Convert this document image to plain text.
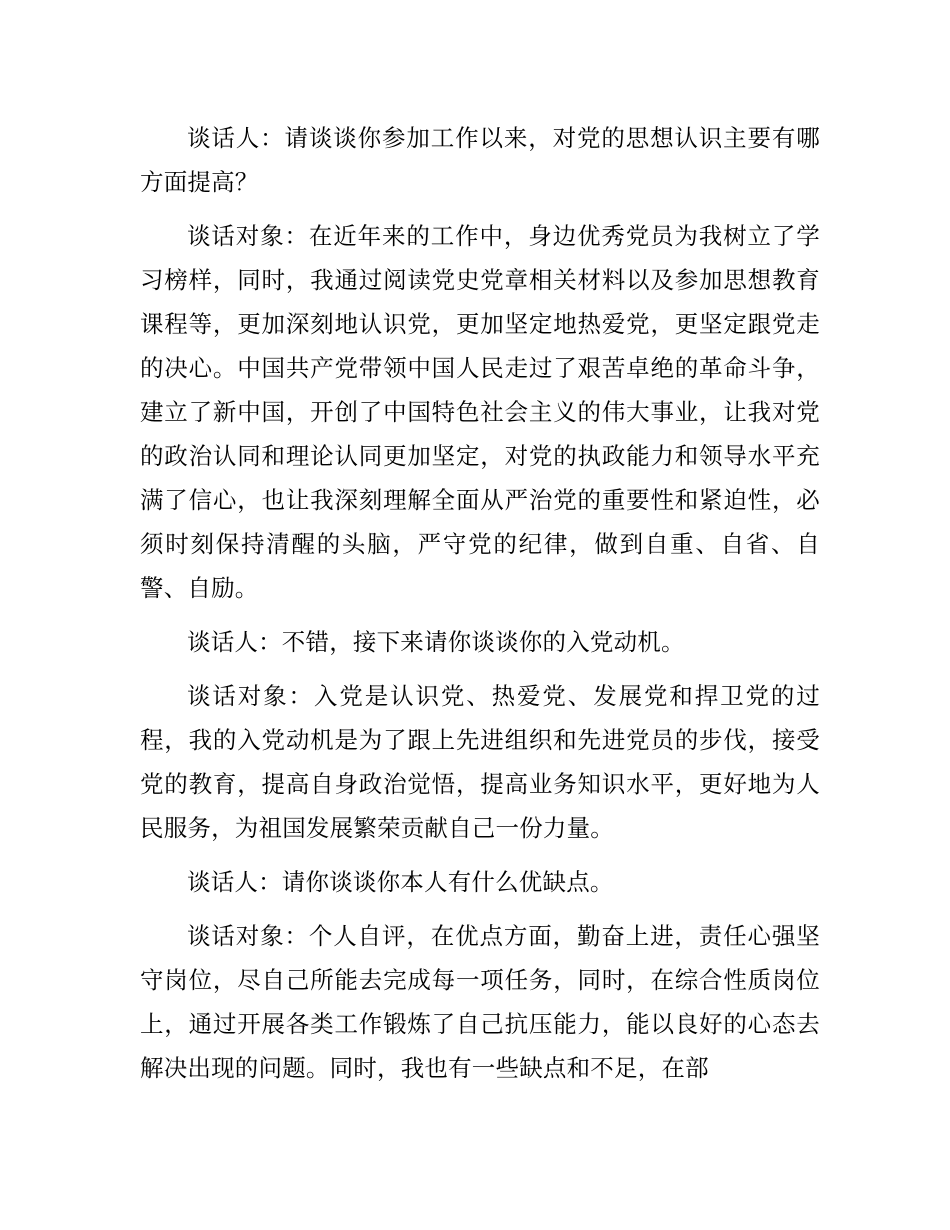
谈话人：请谈谈你参加工作以来，对党的思想认识主要有哪方面提高？

谈话对象：在近年来的工作中，身边优秀党员为我树立了学习榜样，同时，我通过阅读党史党章相关材料以及参加思想教育课程等，更加深刻地认识党，更加坚定地热爱党，更坚定跟党走的决心。中国共产党带领中国人民走过了艰苦卓绝的革命斗争，建立了新中国，开创了中国特色社会主义的伟大事业，让我对党的政治认同和理论认同更加坚定，对党的执政能力和领导水平充满了信心，也让我深刻理解全面从严治党的重要性和紧迫性，必须时刻保持清醒的头脑，严守党的纪律，做到自重、自省、自警、自励。

谈话人：不错，接下来请你谈谈你的入党动机。

谈话对象：入党是认识党、热爱党、发展党和捍卫党的过程，我的入党动机是为了跟上先进组织和先进党员的步伐，接受党的教育，提高自身政治觉悟，提高业务知识水平，更好地为人民服务，为祖国发展繁荣贡献自己一份力量。

谈话人：请你谈谈你本人有什么优缺点。

谈话对象：个人自评，在优点方面，勤奋上进，责任心强坚守岗位，尽自己所能去完成每一项任务，同时，在综合性质岗位上，通过开展各类工作锻炼了自己抗压能力，能以良好的心态去解决出现的问题。同时，我也有一些缺点和不足，在部
